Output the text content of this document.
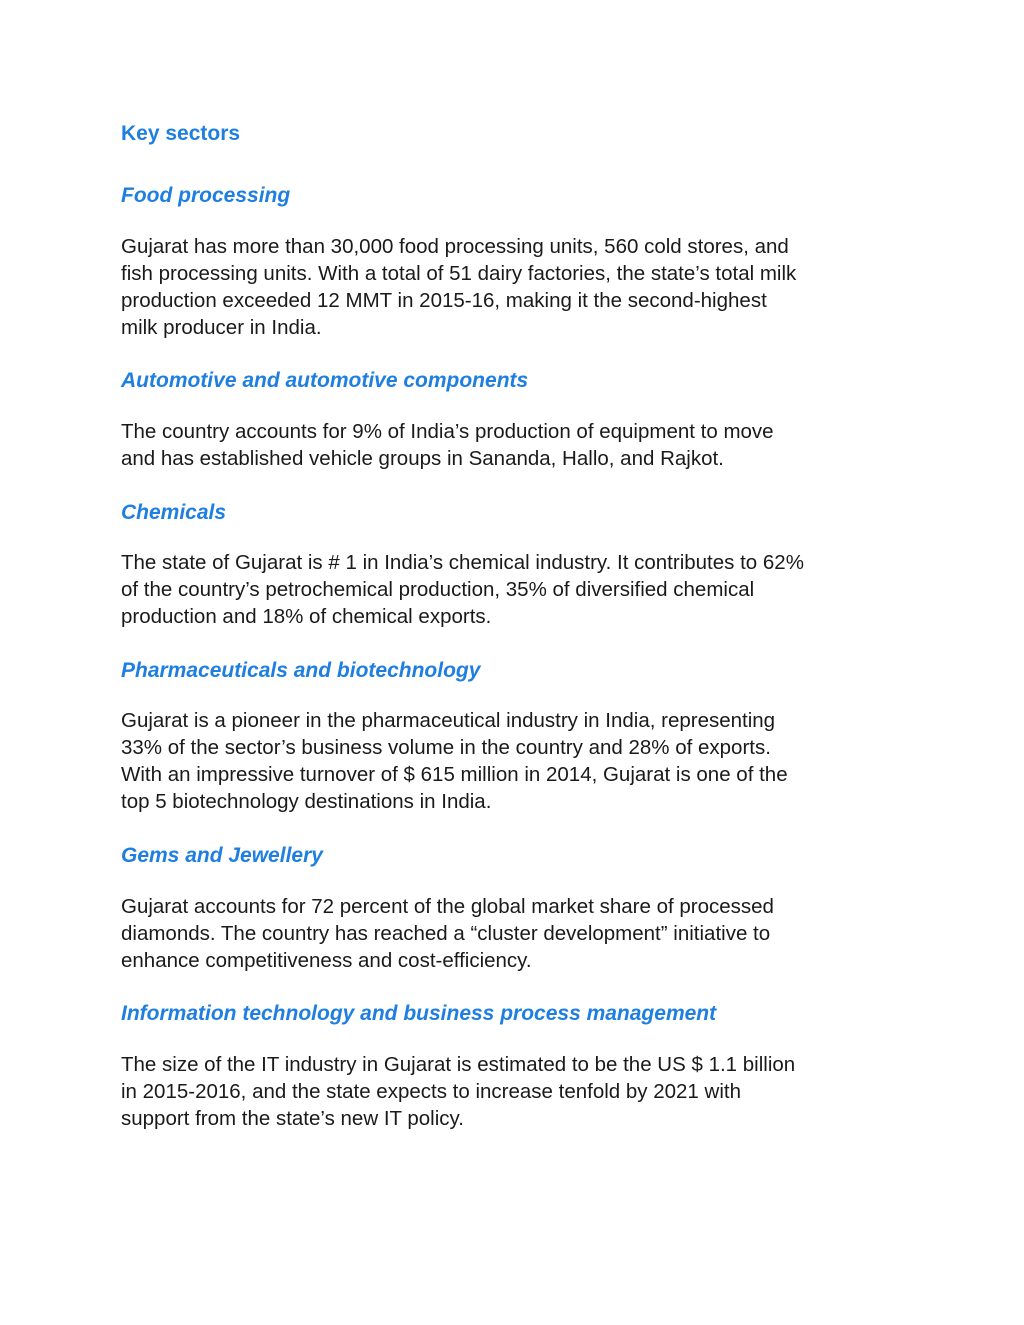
Key sectors
Food processing

Gujarat has more than 30,000 food processing units, 560 cold stores, and
fish processing units. With a total of 51 dairy factories, the state’s total milk
production exceeded 12 MMT in 2015-16, making it the second-highest
milk producer in India.

Automotive and automotive components

The country accounts for 9% of India’s production of equipment to move
and has established vehicle groups in Sananda, Hallo, and Rajkot.

Chemicals

The state of Gujarat is # 1 in India’s chemical industry. It contributes to 62%
of the country’s petrochemical production, 35% of diversified chemical
production and 18% of chemical exports.

Pharmaceuticals and biotechnology

Gujarat is a pioneer in the pharmaceutical industry in India, representing
33% of the sector’s business volume in the country and 28% of exports.
With an impressive turnover of $ 615 million in 2014, Gujarat is one of the
top 5 biotechnology destinations in India.

Gems and Jewellery

Gujarat accounts for 72 percent of the global market share of processed
diamonds. The country has reached a “cluster development” initiative to
enhance competitiveness and cost-efficiency.

Information technology and business process management

The size of the IT industry in Gujarat is estimated to be the US $ 1.1 billion
in 2015-2016, and the state expects to increase tenfold by 2021 with
support from the state’s new IT policy.
